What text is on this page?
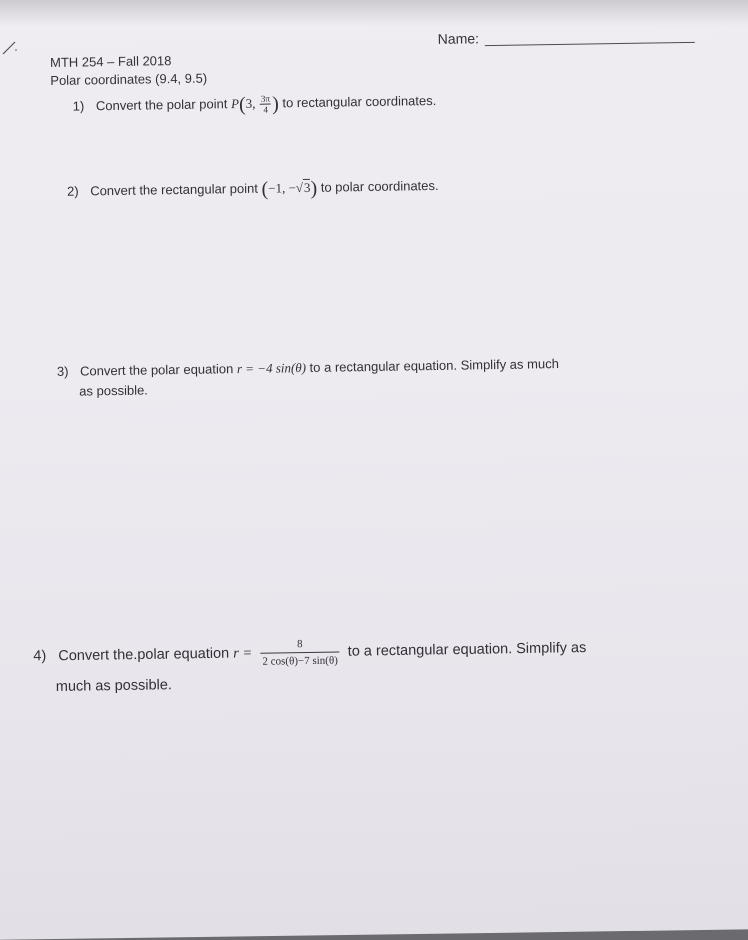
MTH 254 – Fall 2018
Polar coordinates (9.4, 9.5)
Name:
1) Convert the polar point P(3, $\frac{3\pi}{4}$ ) to rectangular coordinates.
2) Convert the rectangular point (−1, −√3) to polar coordinates.
3) Convert the polar equation r = −4 sin(θ) to a rectangular equation. Simplify as much
as possible.
4) Convert the.polar equation $r = \frac{8}{2 \cos(\theta)-7 \sin(\theta)}$ to a rectangular equation. Simplify as
much as possible.
